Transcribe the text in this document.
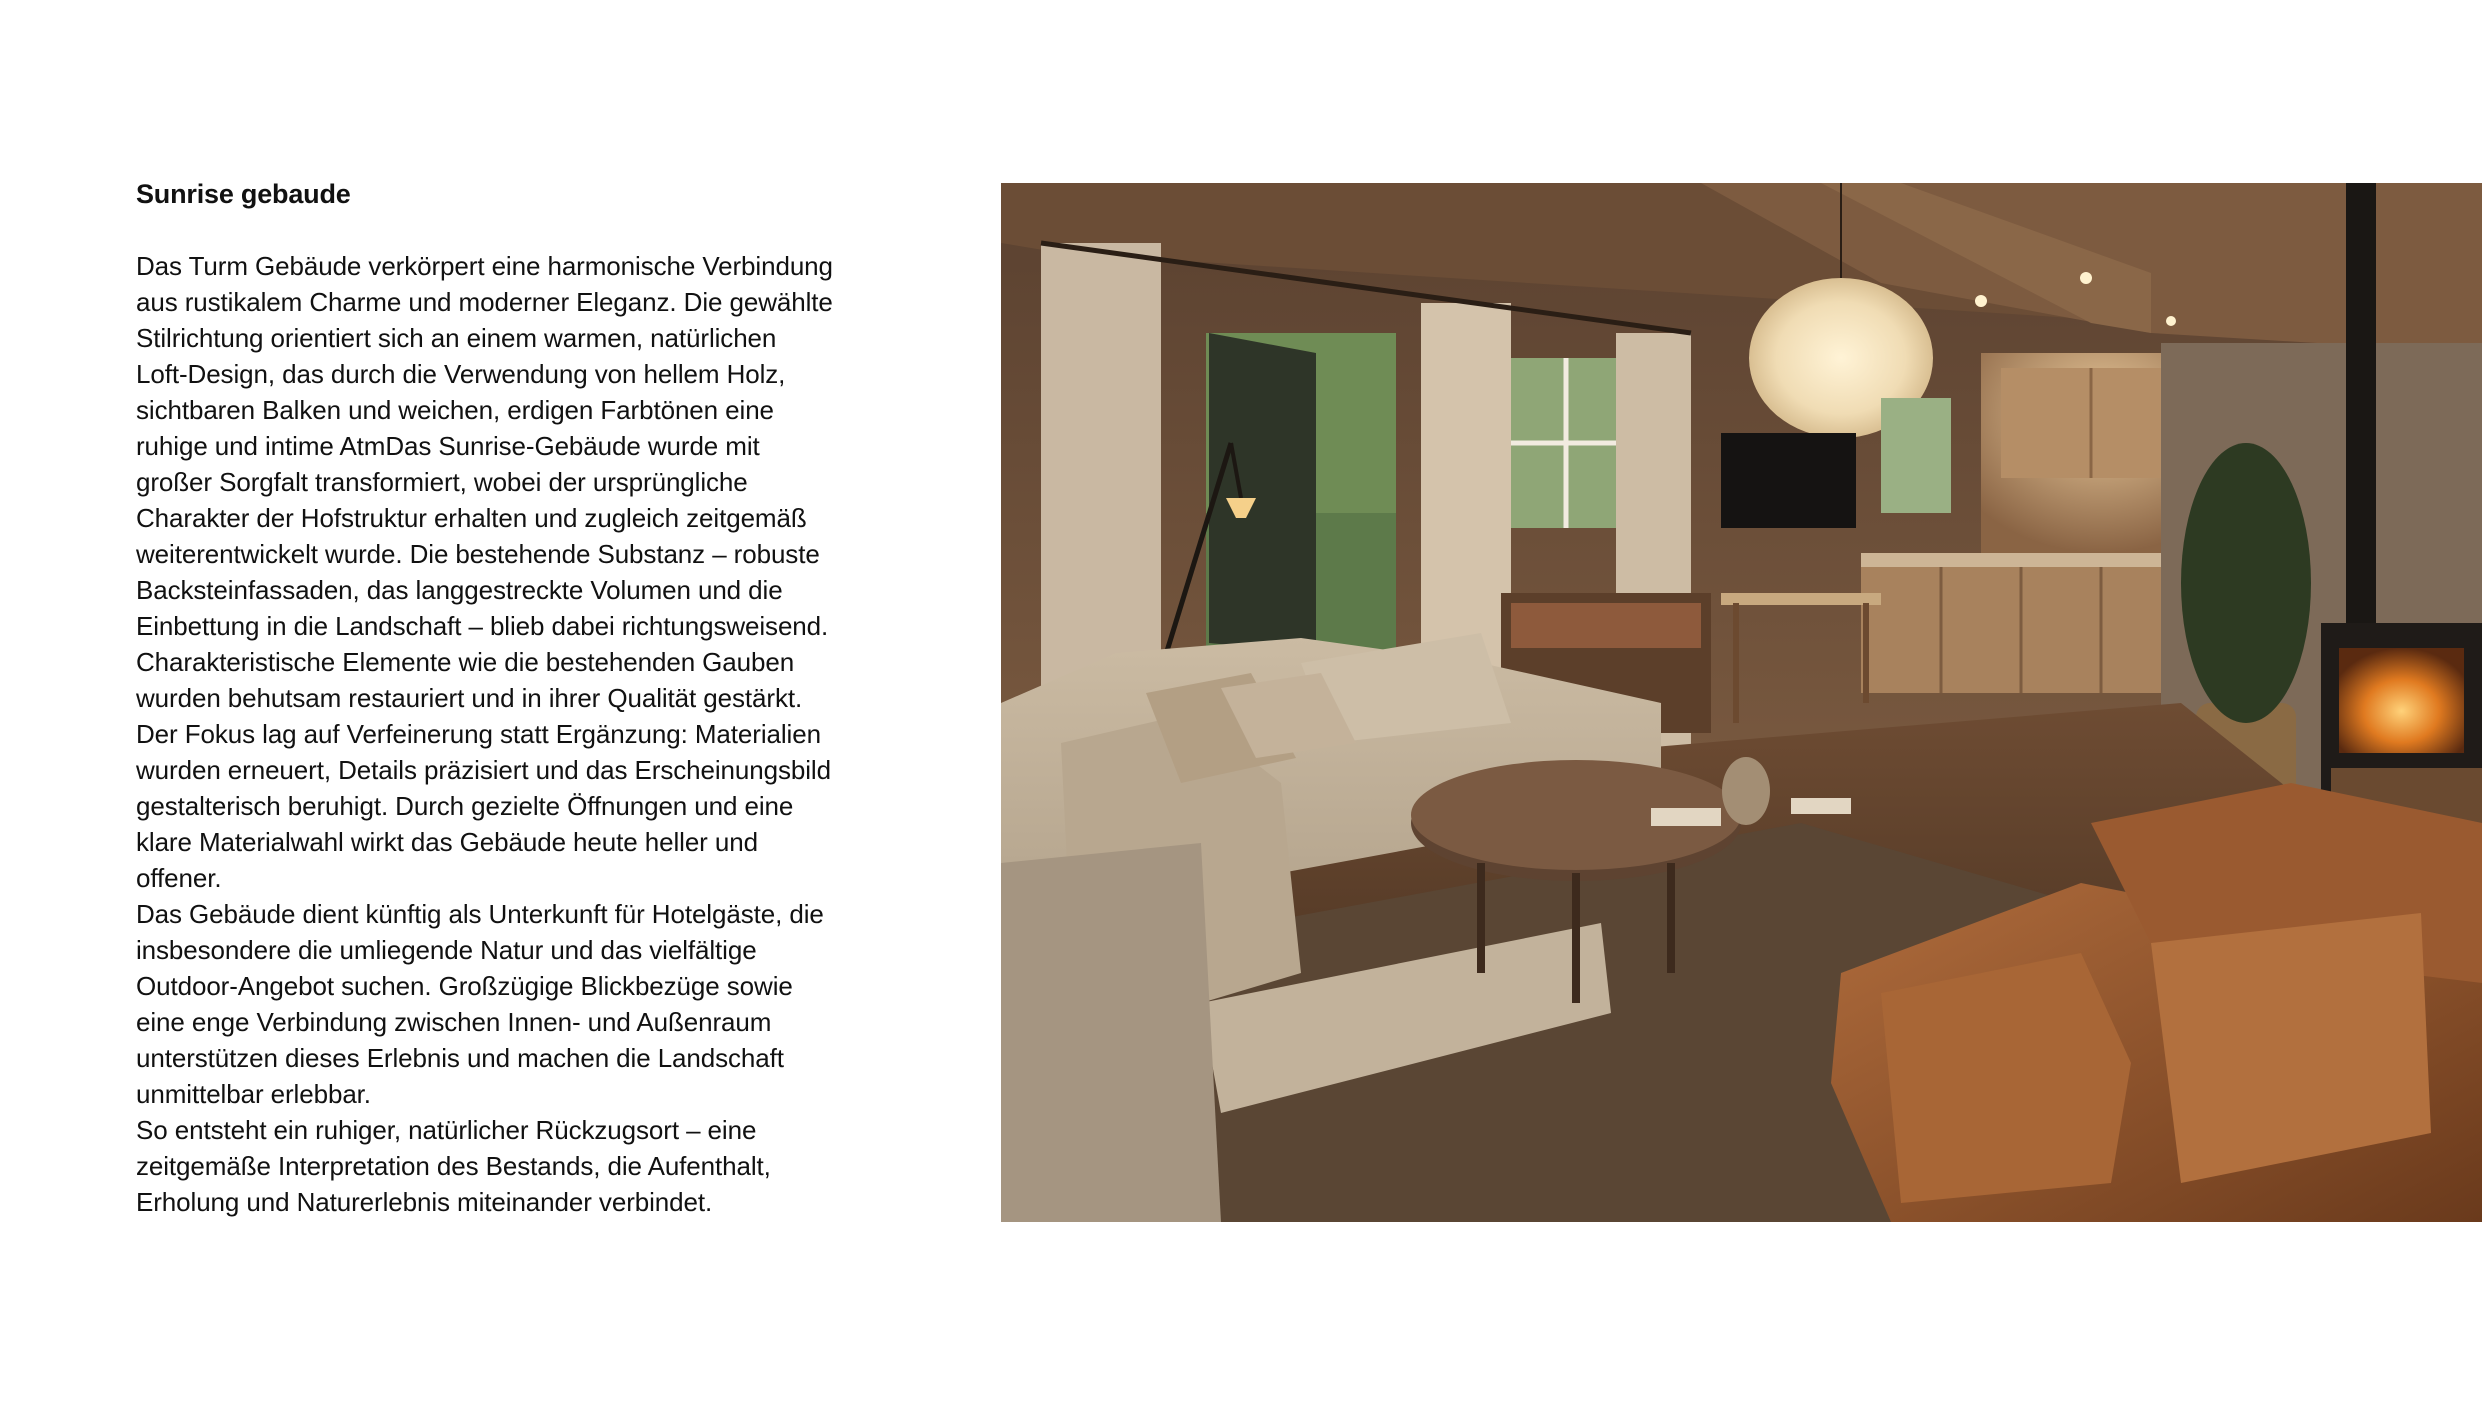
Sunrise gebaude

Das Turm Gebäude verkörpert eine harmonische Verbindung
aus rustikalem Charme und moderner Eleganz. Die gewählte
Stilrichtung orientiert sich an einem warmen, natürlichen
Loft-Design, das durch die Verwendung von hellem Holz,
sichtbaren Balken und weichen, erdigen Farbtönen eine
ruhige und intime AtmDas Sunrise-Gebäude wurde mit
großer Sorgfalt transformiert, wobei der ursprüngliche
Charakter der Hofstruktur erhalten und zugleich zeitgemäß
weiterentwickelt wurde. Die bestehende Substanz – robuste
Backsteinfassaden, das langgestreckte Volumen und die
Einbettung in die Landschaft – blieb dabei richtungsweisend.
Charakteristische Elemente wie die bestehenden Gauben
wurden behutsam restauriert und in ihrer Qualität gestärkt.
Der Fokus lag auf Verfeinerung statt Ergänzung: Materialien
wurden erneuert, Details präzisiert und das Erscheinungsbild
gestalterisch beruhigt. Durch gezielte Öffnungen und eine
klare Materialwahl wirkt das Gebäude heute heller und
offener.

Das Gebäude dient künftig als Unterkunft für Hotelgäste, die
insbesondere die umliegende Natur und das vielfältige
Outdoor-Angebot suchen. Großzügige Blickbezüge sowie
eine enge Verbindung zwischen Innen- und Außenraum
unterstützen dieses Erlebnis und machen die Landschaft
unmittelbar erlebbar.

So entsteht ein ruhiger, natürlicher Rückzugsort – eine
zeitgemäße Interpretation des Bestands, die Aufenthalt,
Erholung und Naturerlebnis miteinander verbindet.
